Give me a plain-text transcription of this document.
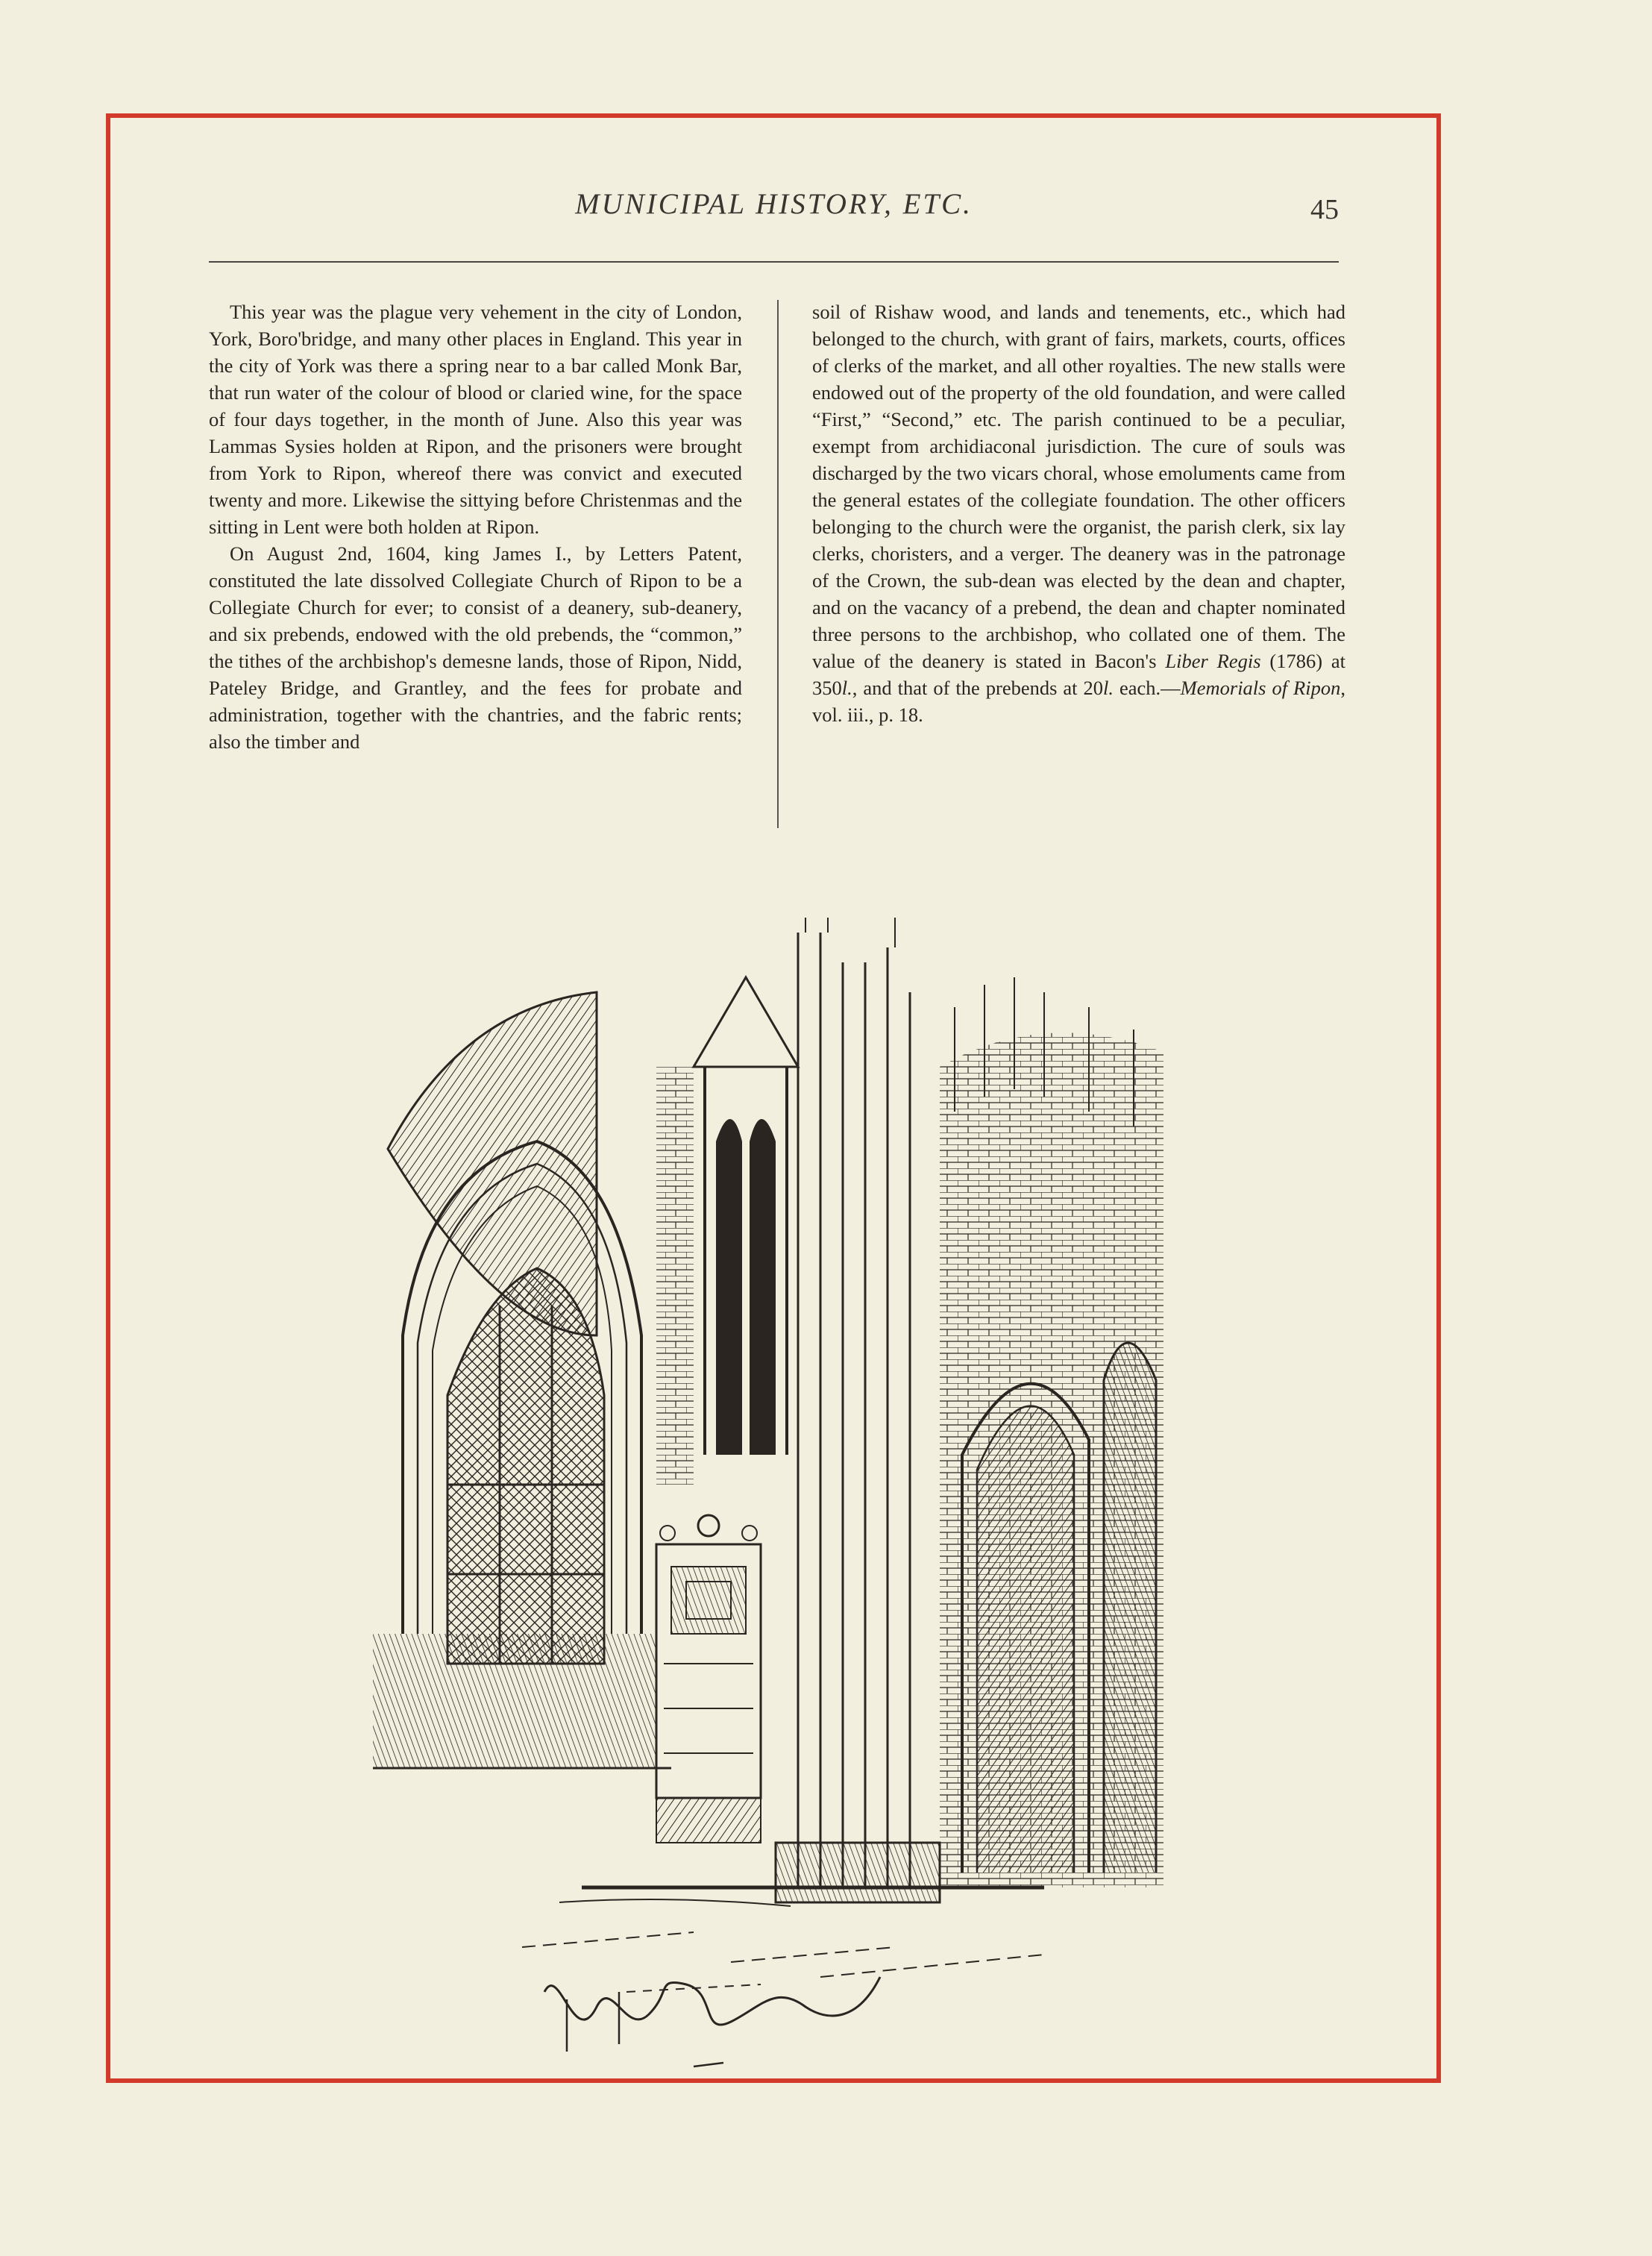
MUNICIPAL HISTORY, ETC.	45

This year was the plague very vehement in the city of London, York, Boro'bridge, and many other places in England. This year in the city of York was there a spring near to a bar called Monk Bar, that run water of the colour of blood or claried wine, for the space of four days together, in the month of June. Also this year was Lammas Sysies holden at Ripon, and the prisoners were brought from York to Ripon, whereof there was convict and executed twenty and more. Likewise the sittying before Christenmas and the sitting in Lent were both holden at Ripon.

On August 2nd, 1604, king James I., by Letters Patent, constituted the late dissolved Collegiate Church of Ripon to be a Collegiate Church for ever; to consist of a deanery, sub-deanery, and six prebends, endowed with the old prebends, the “common,” the tithes of the archbishop's demesne lands, those of Ripon, Nidd, Pateley Bridge, and Grantley, and the fees for probate and administration, together with the chantries, and the fabric rents; also the timber and

soil of Rishaw wood, and lands and tenements, etc., which had belonged to the church, with grant of fairs, markets, courts, offices of clerks of the market, and all other royalties. The new stalls were endowed out of the property of the old foundation, and were called “First,” “Second,” etc. The parish continued to be a peculiar, exempt from archidiaconal jurisdiction. The cure of souls was discharged by the two vicars choral, whose emoluments came from the general estates of the collegiate foundation. The other officers belonging to the church were the organist, the parish clerk, six lay clerks, choristers, and a verger. The deanery was in the patronage of the Crown, the sub-dean was elected by the dean and chapter, and on the vacancy of a prebend, the dean and chapter nominated three persons to the archbishop, who collated one of them. The value of the deanery is stated in Bacon's Liber Regis (1786) at 350l., and that of the prebends at 20l. each.—Memorials of Ripon, vol. iii., p. 18.
